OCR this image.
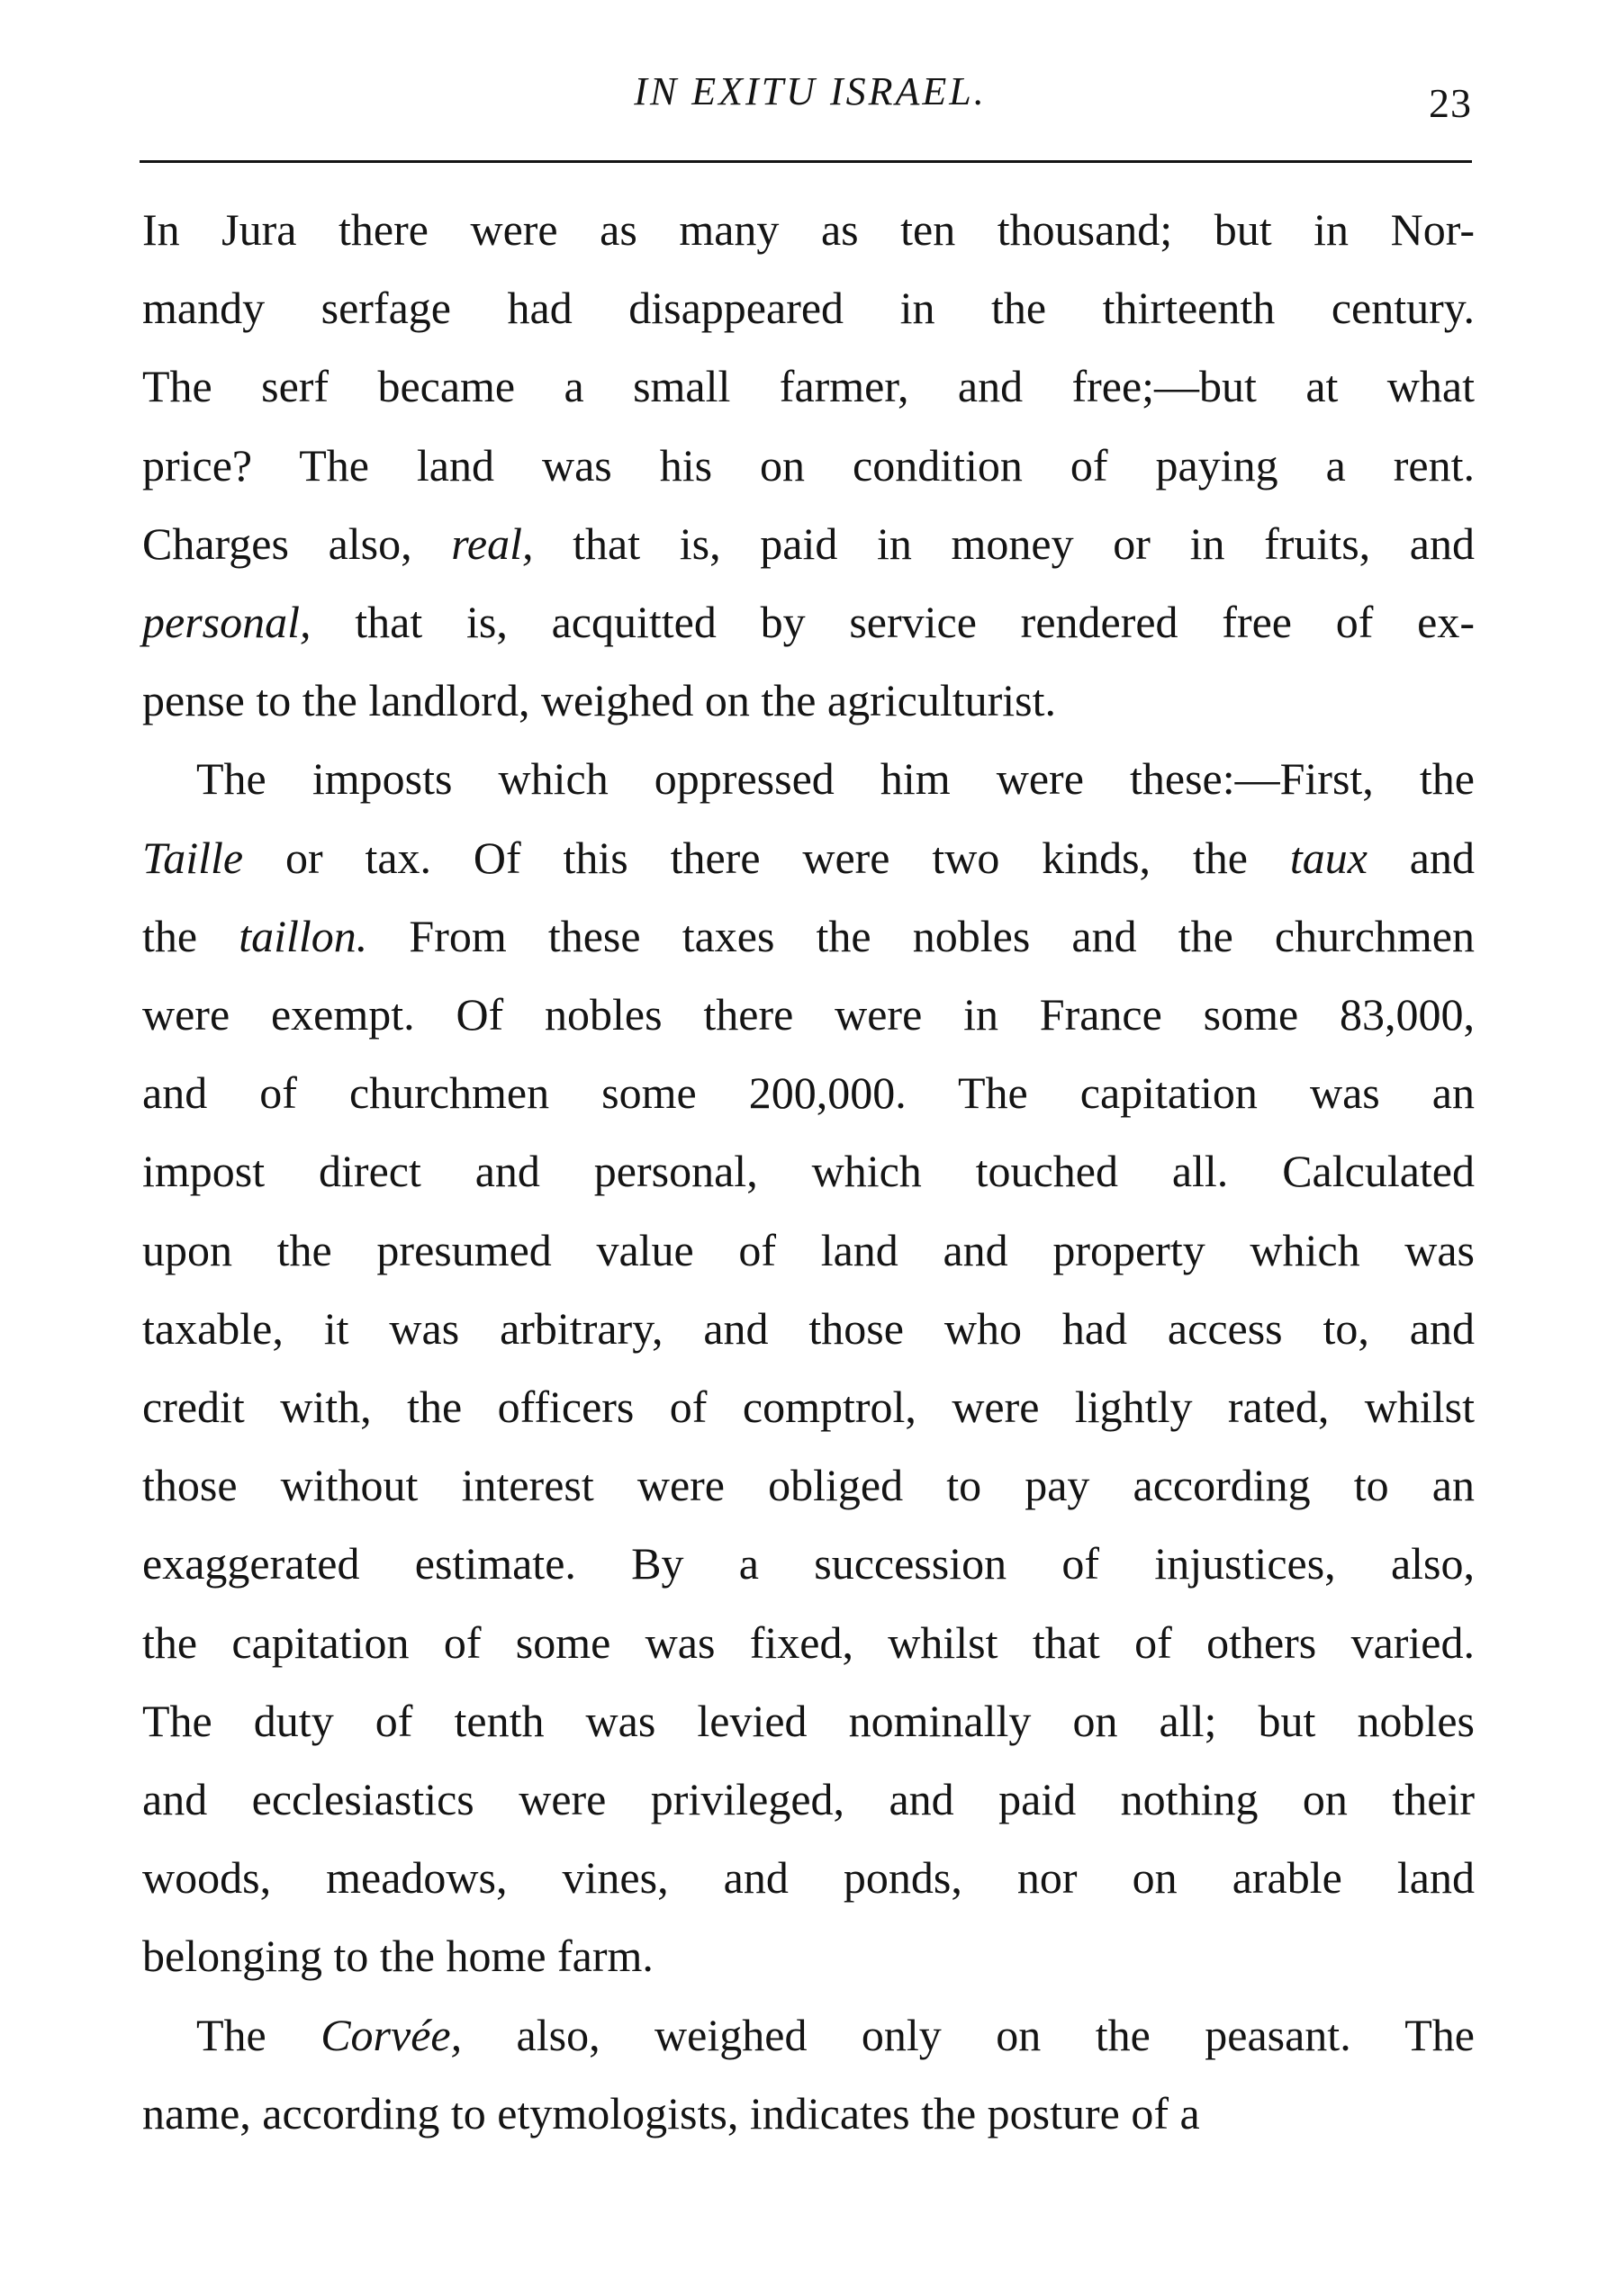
IN EXITU ISRAEL.	23

In Jura there were as many as ten thousand; but in Nor-

mandy serfage had disappeared in the thirteenth century.

The serf became a small farmer, and free;—but at what

price? The land was his on condition of paying a rent.

Charges also, real, that is, paid in money or in fruits, and

personal, that is, acquitted by service rendered free of ex-

pense to the landlord, weighed on the agriculturist.

The imposts which oppressed him were these:—First, the

Taille or tax. Of this there were two kinds, the taux and

the taillon. From these taxes the nobles and the churchmen

were exempt. Of nobles there were in France some 83,000,

and of churchmen some 200,000. The capitation was an

impost direct and personal, which touched all. Calculated

upon the presumed value of land and property which was

taxable, it was arbitrary, and those who had access to, and

credit with, the officers of comptrol, were lightly rated, whilst

those without interest were obliged to pay according to an

exaggerated estimate. By a succession of injustices, also,

the capitation of some was fixed, whilst that of others varied.

The duty of tenth was levied nominally on all; but nobles

and ecclesiastics were privileged, and paid nothing on their

woods, meadows, vines, and ponds, nor on arable land

belonging to the home farm.

The Corvée, also, weighed only on the peasant. The

name, according to etymologists, indicates the posture of a
